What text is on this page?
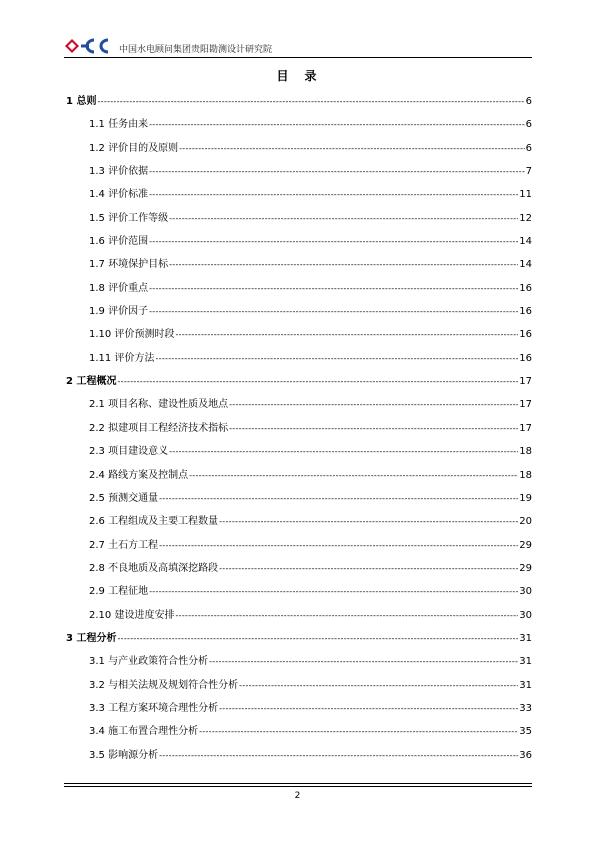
中国水电顾问集团贵阳勘测设计研究院
目 录
1 总则 -----	6
1.1 任务由来 -----	6
1.2 评价目的及原则 -----	6
1.3 评价依据 -----	7
1.4 评价标准 -----	11
1.5 评价工作等级 -----	12
1.6 评价范围 -----	14
1.7 环境保护目标 -----	14
1.8 评价重点 -----	16
1.9 评价因子 -----	16
1.10 评价预测时段 -----	16
1.11 评价方法 -----	16
2 工程概况 -----	17
2.1 项目名称、建设性质及地点 -----	17
2.2 拟建项目工程经济技术指标 -----	17
2.3 项目建设意义 -----	18
2.4 路线方案及控制点 -----	18
2.5 预测交通量 -----	19
2.6 工程组成及主要工程数量 -----	20
2.7 土石方工程 -----	29
2.8 不良地质及高填深挖路段 -----	29
2.9 工程征地 -----	30
2.10 建设进度安排 -----	30
3 工程分析 -----	31
3.1 与产业政策符合性分析 -----	31
3.2 与相关法规及规划符合性分析 -----	31
3.3 工程方案环境合理性分析 -----	33
3.4 施工布置合理性分析 -----	35
3.5 影响源分析 -----	36
2
